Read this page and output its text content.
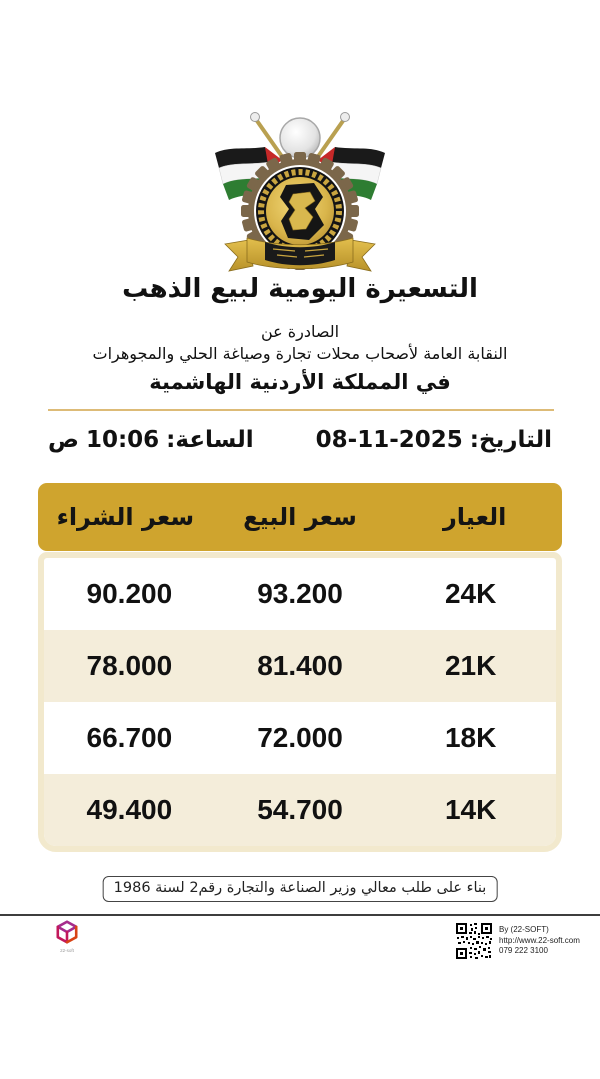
التسعيرة اليومية لبيع الذهب
الصادرة عن
النقابة العامة لأصحاب محلات تجارة وصياغة الحلي والمجوهرات
في المملكة الأردنية الهاشمية
التاريخ:
08-11-2025
الساعة:
10:06
ص
العيار
سعر البيع
سعر الشراء
24K
93.200
90.200
21K
81.400
78.000
18K
72.000
66.700
14K
54.700
49.400
بناء على طلب معالي وزير الصناعة والتجارة رقم2 لسنة 1986
By (22-SOFT)
http://www.22-soft.com
079 222 3100
22-soft
